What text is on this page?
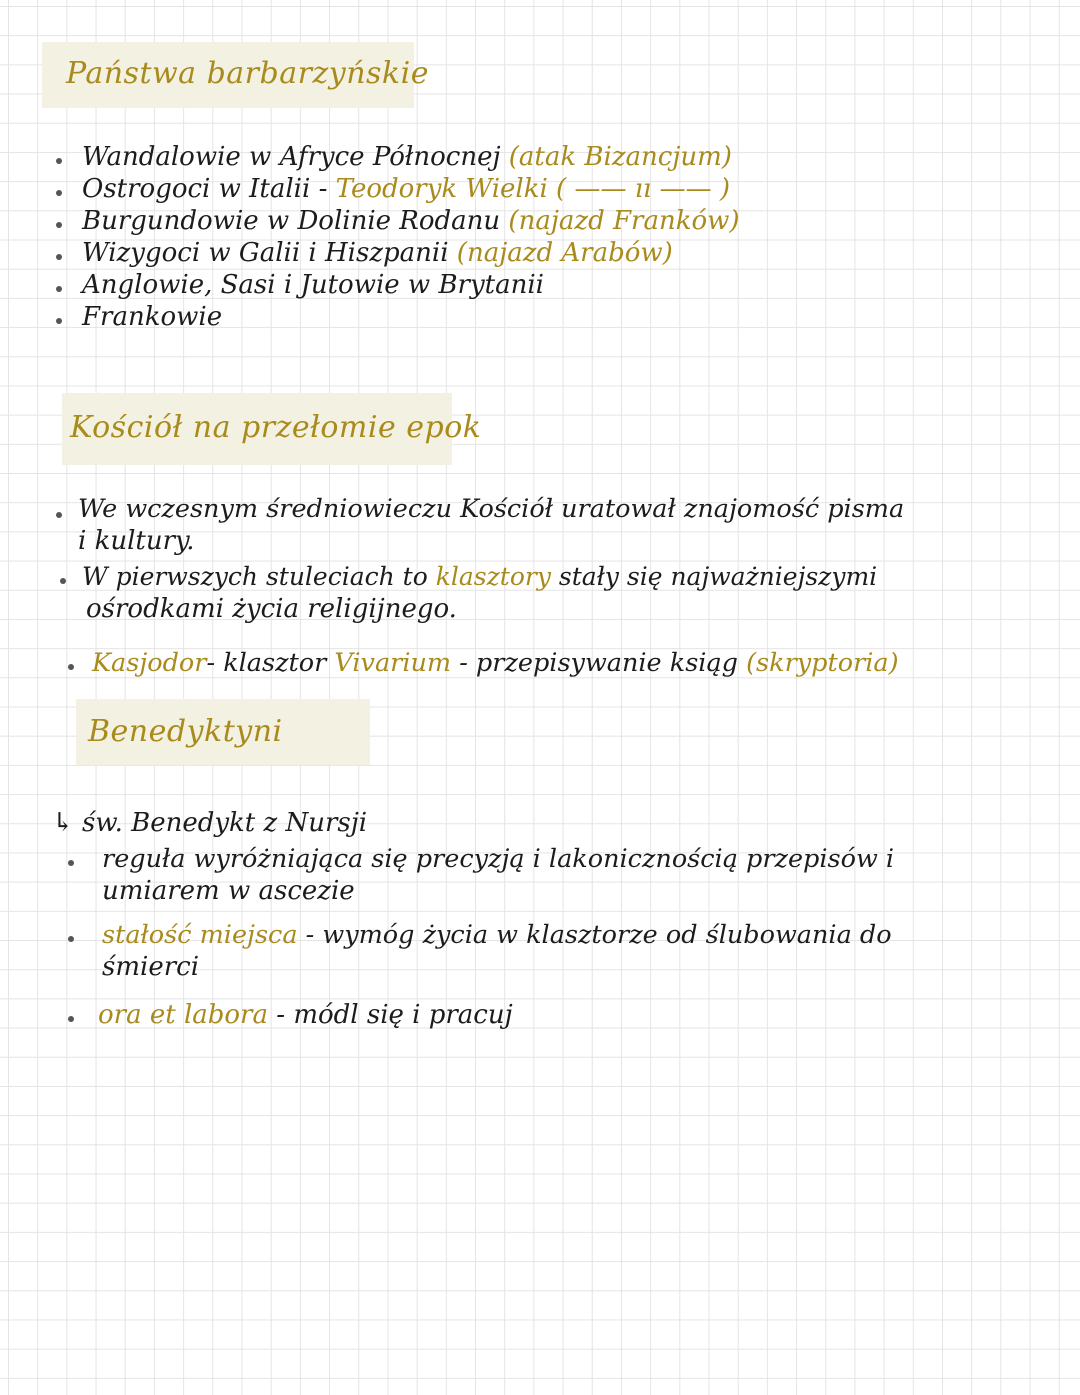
Państwa barbarzyńskie
Wandalowie w Afryce Północnej (atak Bizancjum)
Ostrogoci w Italii - Teodoryk Wielki ( —— ıı —— )
Burgundowie w Dolinie Rodanu (najazd Franków)
Wizygoci w Galii i Hiszpanii (najazd Arabów)
Anglowie, Sasi i Jutowie w Brytanii
Frankowie
Kościół na przełomie epok
We wczesnym średniowieczu Kościół uratował znajomość pisma
i kultury.
W pierwszych stuleciach to klasztory stały się najważniejszymi
ośrodkami życia religijnego.
Kasjodor- klasztor Vivarium - przepisywanie ksiąg (skryptoria)
Benedyktyni
↳ św. Benedykt z Nursji
reguła wyróżniająca się precyzją i lakonicznością przepisów i
umiarem w ascezie
stałość miejsca - wymóg życia w klasztorze od ślubowania do
śmierci
ora et labora - módl się i pracuj
